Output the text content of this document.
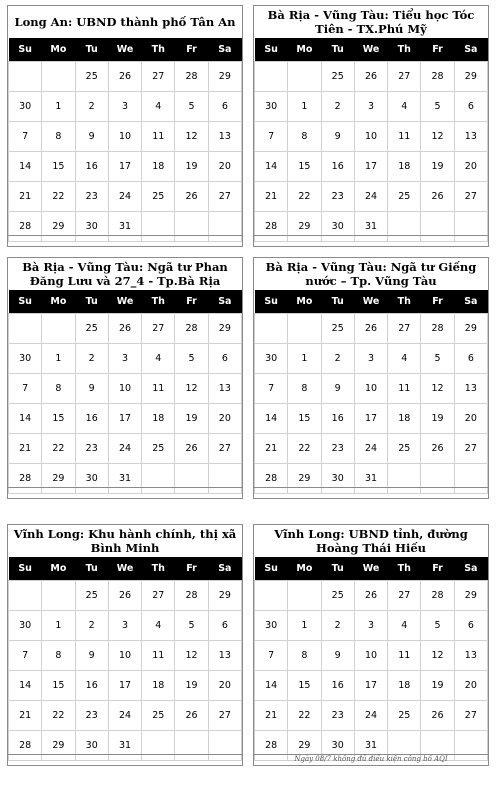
Long An: UBND thành phố Tân An
Su	Mo	Tu	We	Th	Fr	Sa
		25	26	27	28	29
30	1	2	3	4	5	6
7	8	9	10	11	12	13
14	15	16	17	18	19	20
21	22	23	24	25	26	27
28	29	30	31			
Bà Rịa - Vũng Tàu: Tiểu học Tóc Tiên - TX.Phú Mỹ
Su	Mo	Tu	We	Th	Fr	Sa
		25	26	27	28	29
30	1	2	3	4	5	6
7	8	9	10	11	12	13
14	15	16	17	18	19	20
21	22	23	24	25	26	27
28	29	30	31			
Bà Rịa - Vũng Tàu: Ngã tư Phan Đăng Lưu và 27_4 - Tp.Bà Rịa
Su	Mo	Tu	We	Th	Fr	Sa
		25	26	27	28	29
30	1	2	3	4	5	6
7	8	9	10	11	12	13
14	15	16	17	18	19	20
21	22	23	24	25	26	27
28	29	30	31			
Bà Rịa - Vũng Tàu: Ngã tư Giếng nước – Tp. Vũng Tàu
Su	Mo	Tu	We	Th	Fr	Sa
		25	26	27	28	29
30	1	2	3	4	5	6
7	8	9	10	11	12	13
14	15	16	17	18	19	20
21	22	23	24	25	26	27
28	29	30	31			
Vĩnh Long: Khu hành chính, thị xã Bình Minh
Su	Mo	Tu	We	Th	Fr	Sa
		25	26	27	28	29
30	1	2	3	4	5	6
7	8	9	10	11	12	13
14	15	16	17	18	19	20
21	22	23	24	25	26	27
28	29	30	31			
Vĩnh Long: UBND tỉnh, đường Hoàng Thái Hiếu
Su	Mo	Tu	We	Th	Fr	Sa
		25	26	27	28	29
30	1	2	3	4	5	6
7	8	9	10	11	12	13
14	15	16	17	18	19	20
21	22	23	24	25	26	27
28	29	30	31			
Ngày 08/7 không đủ điều kiện công bố AQI
